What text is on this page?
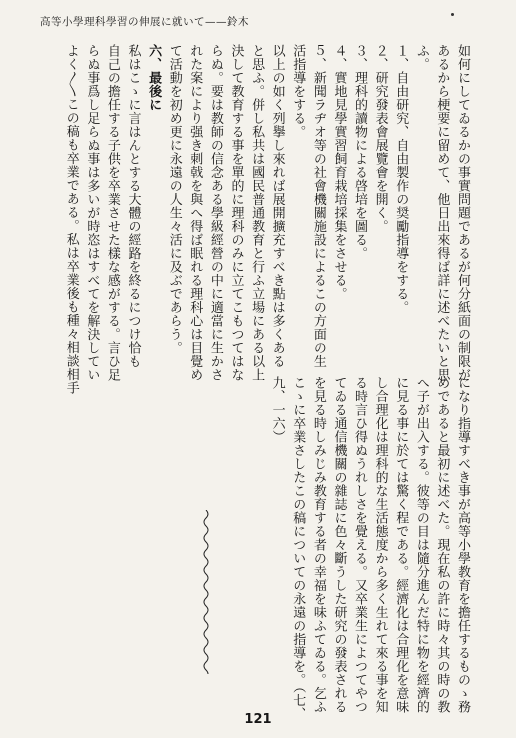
高等小學理科學習の伸展に就いて——鈴木
如何にしてゐるかの事實問題であるが何分紙面の制限が
あるから梗要に留めて、他日出來得ば詳に述べたいと思
ふ。
１、自由研究、自由製作の奨勵指導をする。
２、研究發表會展覽會を開く。
３、理科的讀物による啓培を圖る。
４、實地見學實習飼育栽培採集をさせる。
５、新聞ラヂオ等の社會機關施設によるこの方面の生
活指導をする。
以上の如く列擧し來れば展開擴充すべき點は多くある
と思ふ。併し私共は國民普通教育と行ふ立場にある以上
決して教育する事を單的に理科のみに立てこもつてはな
らぬ。要は教師の信念ある學級經營の中に適當に生かさ
れた案により强き刺戟を與へ得ば眠れる理科心は目覺め
て活動を初め更に永遠の人生々活に及ぶであらう。
六、最後に
私はこゝに言はんとする大體の經路を終るにつけ恰も
自己の擔任する子供を卒業させた樣な感がする。言ひ足
らぬ事爲し足らぬ事は多いが時恣はすべてを解決してい
よく〳〵この稿も卒業である。私は卒業後も種々相談相手
になり指導すべき事が高等小學教育を擔任するものゝ務
めであると最初に述べた。現在私の許に時々其の時の教
へ子が出入する。彼等の目は隨分進んだ特に物を經濟的
に見る事に於ては驚く程である。經濟化は合理化を意味
し合理化は理科的な生活態度から多く生れて來る事を知
る時言ひ得ぬうれしさを覺える。又卒業生によつてやつ
てゐる通信機關の雜誌に色々斷うした研究の發表される
を見る時しみじみ教育する者の幸福を味ふてゐる。乞ふ
こゝに卒業さしたこの稿についての永遠の指導を。（七、
九、一六）
121
